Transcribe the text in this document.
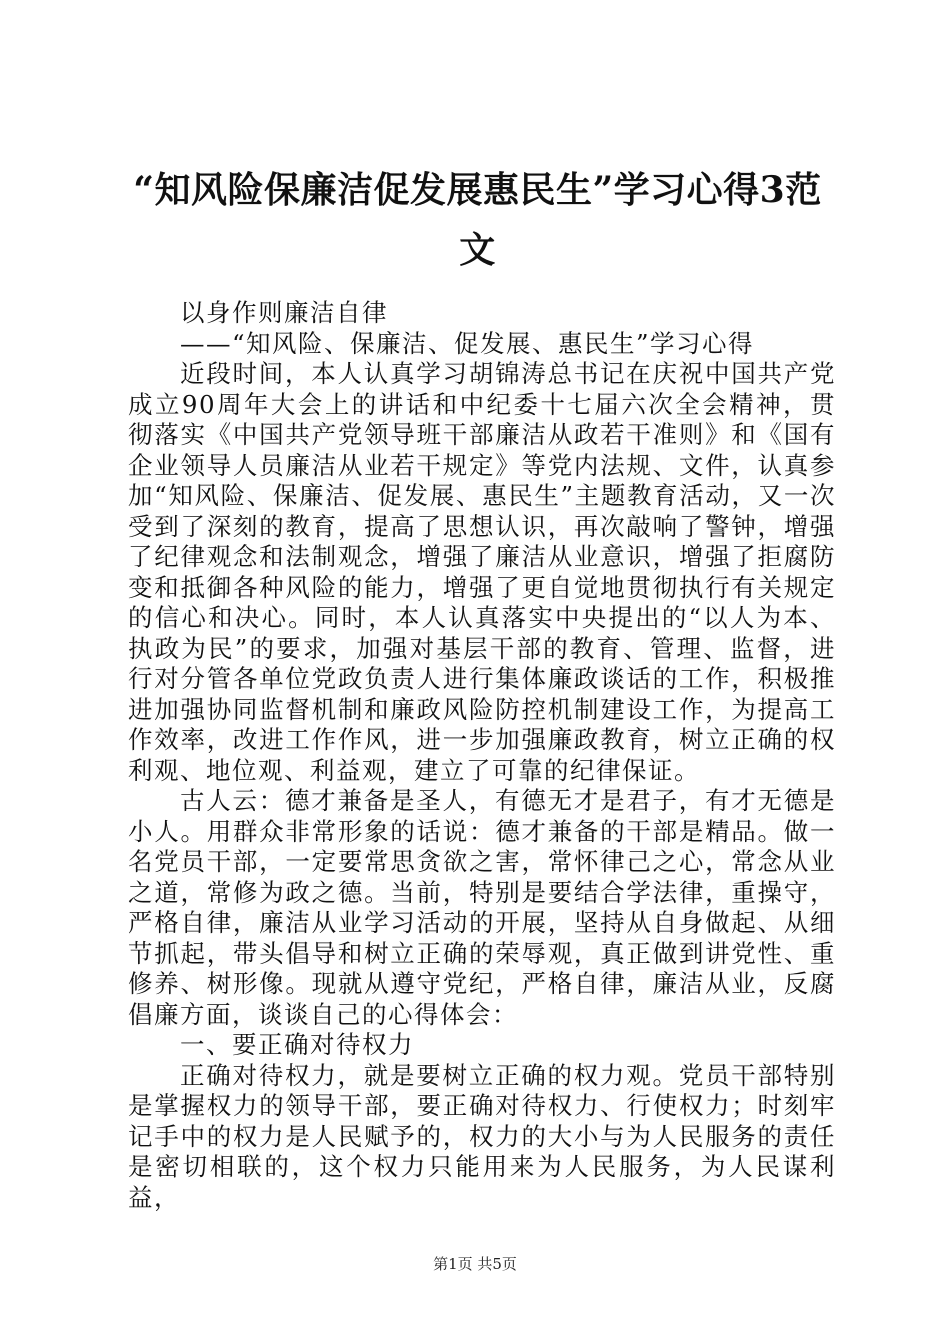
“知风险保廉洁促发展惠民生”学习心得3范文

以身作则廉洁自律

——“知风险、保廉洁、促发展、惠民生”学习心得

近段时间，本人认真学习胡锦涛总书记在庆祝中国共产党成立90周年大会上的讲话和中纪委十七届六次全会精神，贯彻落实《中国共产党领导班干部廉洁从政若干准则》和《国有企业领导人员廉洁从业若干规定》等党内法规、文件，认真参加“知风险、保廉洁、促发展、惠民生”主题教育活动，又一次受到了深刻的教育，提高了思想认识，再次敲响了警钟，增强了纪律观念和法制观念，增强了廉洁从业意识，增强了拒腐防变和抵御各种风险的能力，增强了更自觉地贯彻执行有关规定的信心和决心。同时，本人认真落实中央提出的“以人为本、执政为民”的要求，加强对基层干部的教育、管理、监督，进行对分管各单位党政负责人进行集体廉政谈话的工作，积极推进加强协同监督机制和廉政风险防控机制建设工作，为提高工作效率，改进工作作风，进一步加强廉政教育，树立正确的权利观、地位观、利益观，建立了可靠的纪律保证。

古人云：德才兼备是圣人，有德无才是君子，有才无德是小人。用群众非常形象的话说：德才兼备的干部是精品。做一名党员干部，一定要常思贪欲之害，常怀律己之心，常念从业之道，常修为政之德。当前，特别是要结合学法律，重操守，严格自律，廉洁从业学习活动的开展，坚持从自身做起、从细节抓起，带头倡导和树立正确的荣辱观，真正做到讲党性、重修养、树形像。现就从遵守党纪，严格自律，廉洁从业，反腐倡廉方面，谈谈自己的心得体会：

一、要正确对待权力

正确对待权力，就是要树立正确的权力观。党员干部特别是掌握权力的领导干部，要正确对待权力、行使权力；时刻牢记手中的权力是人民赋予的，权力的大小与为人民服务的责任是密切相联的，这个权力只能用来为人民服务，为人民谋利益，

第1页 共5页
